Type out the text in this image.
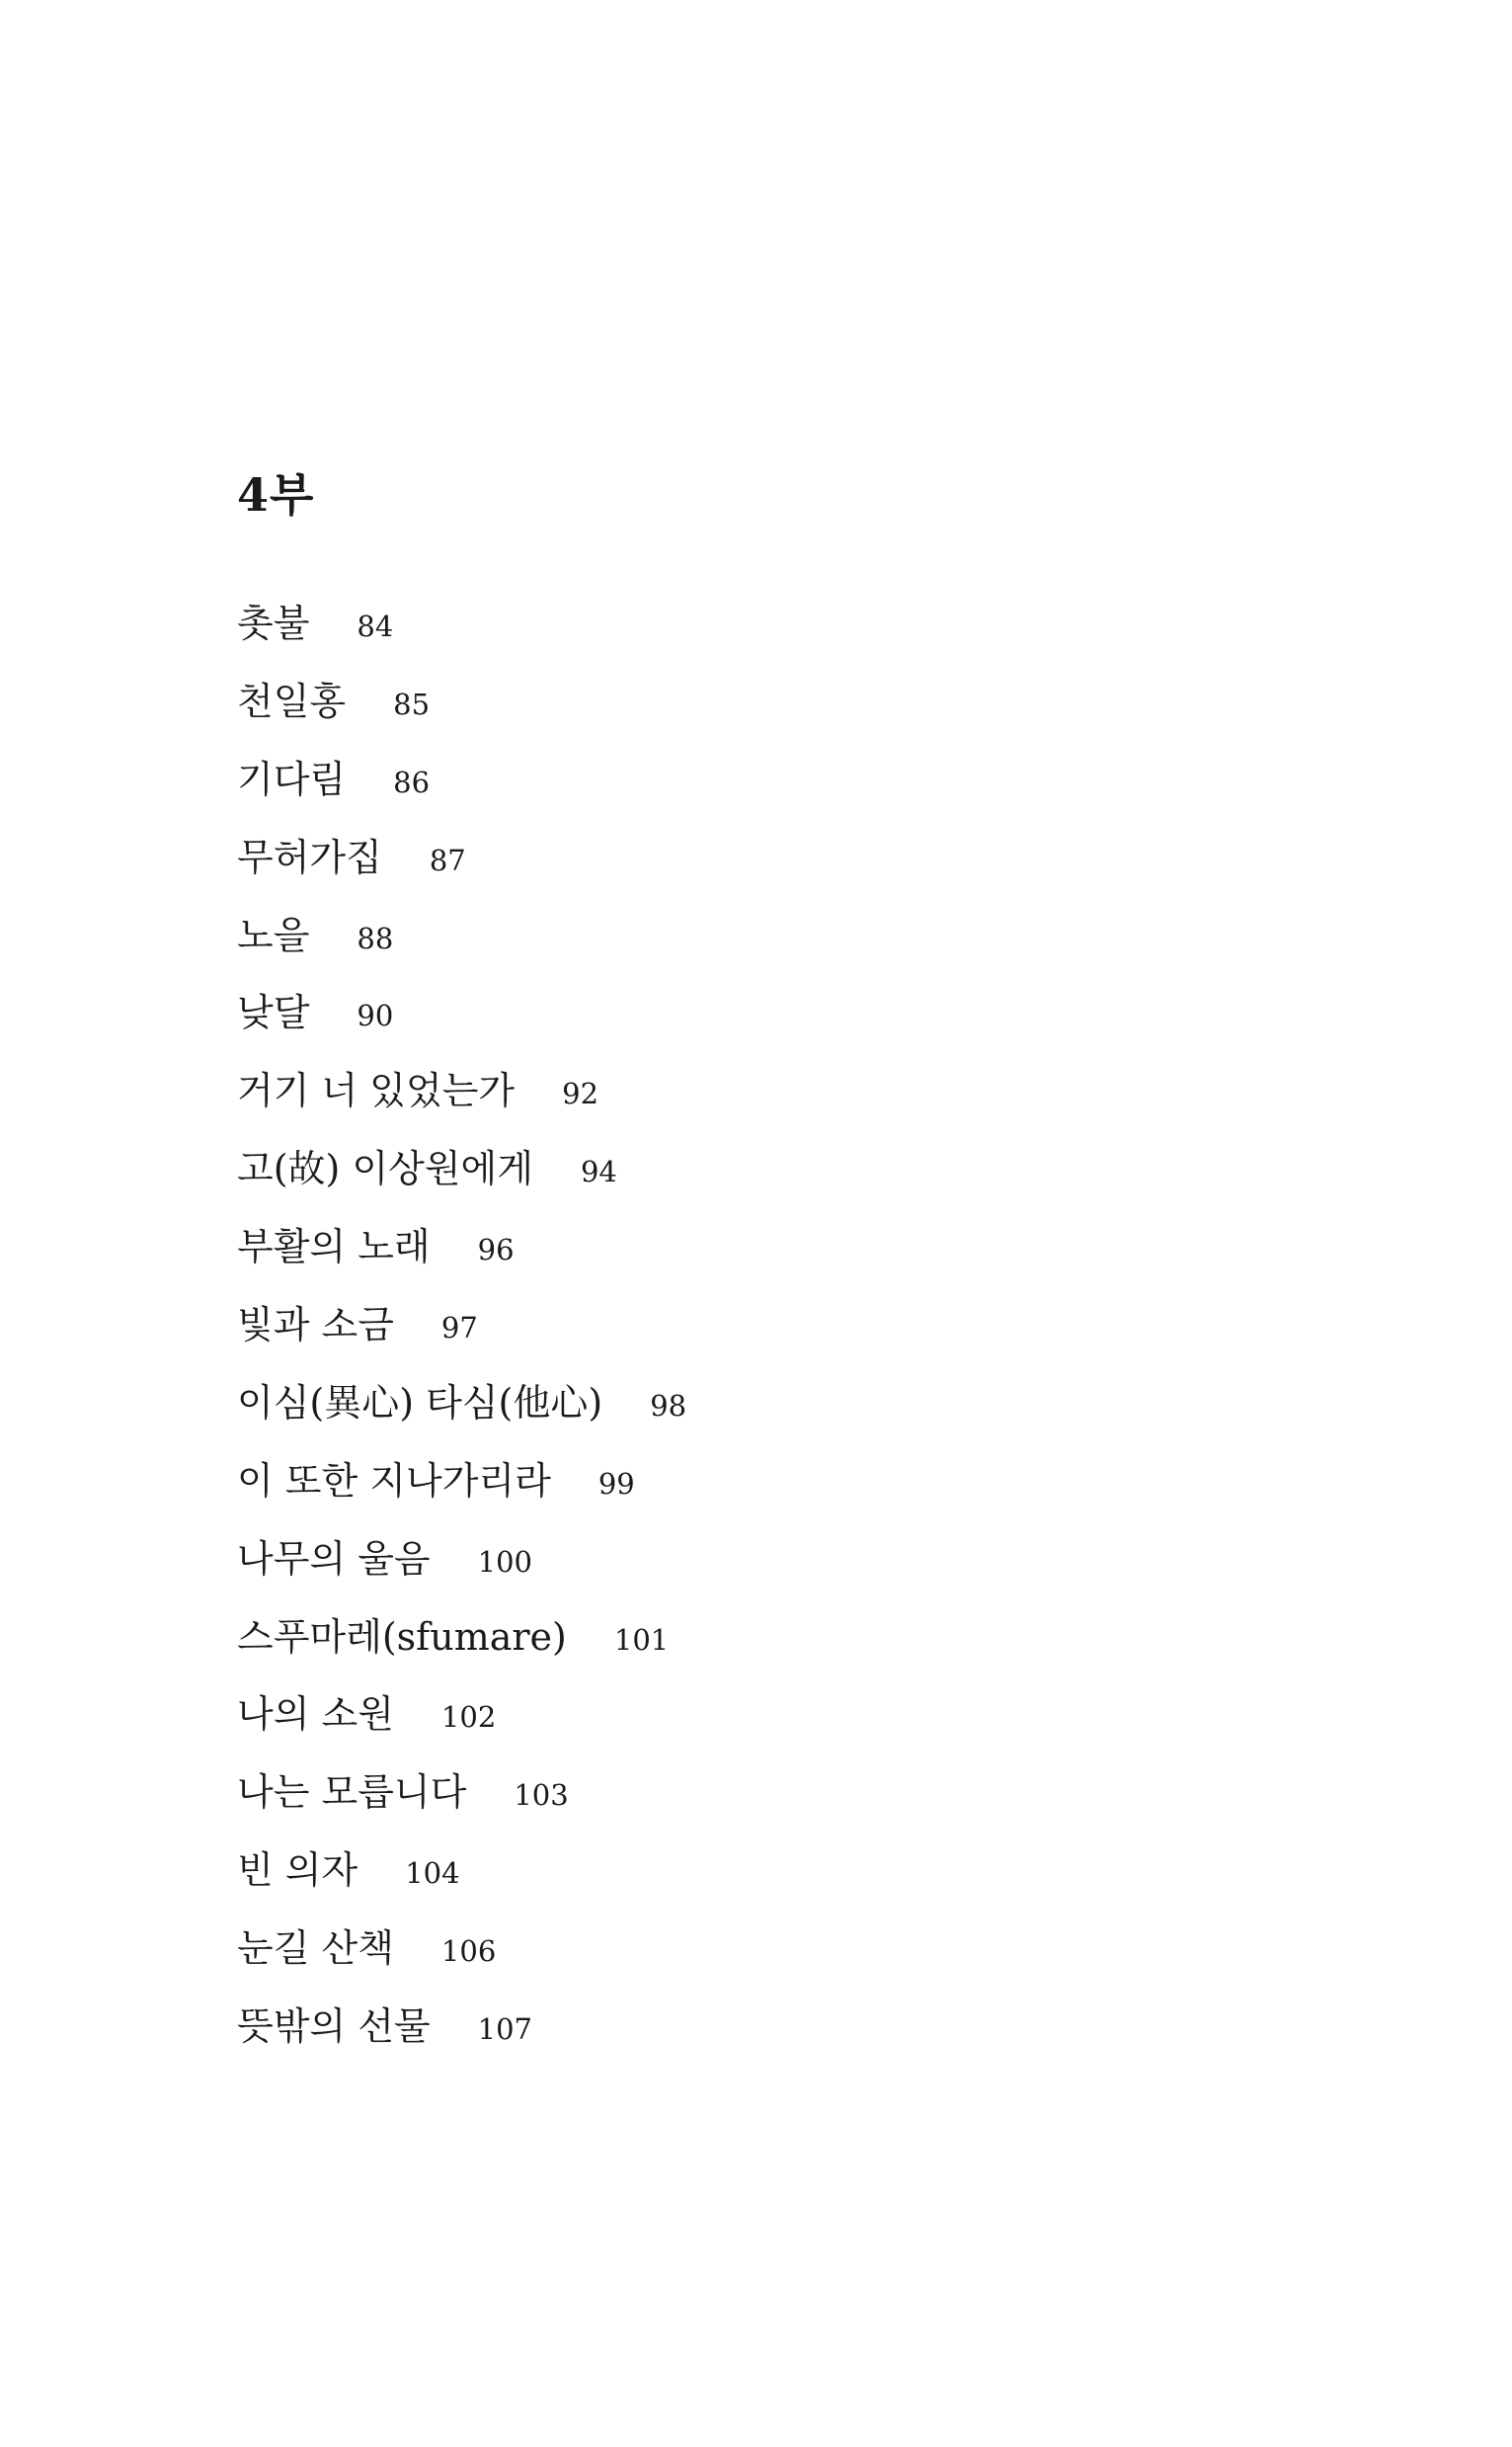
4부
촛불 84
천일홍 85
기다림 86
무허가집 87
노을 88
낮달 90
거기 너 있었는가 92
고(故) 이상원에게 94
부활의 노래 96
빛과 소금 97
이심(異心) 타심(他心) 98
이 또한 지나가리라 99
나무의 울음 100
스푸마레(sfumare) 101
나의 소원 102
나는 모릅니다 103
빈 의자 104
눈길 산책 106
뜻밖의 선물 107
